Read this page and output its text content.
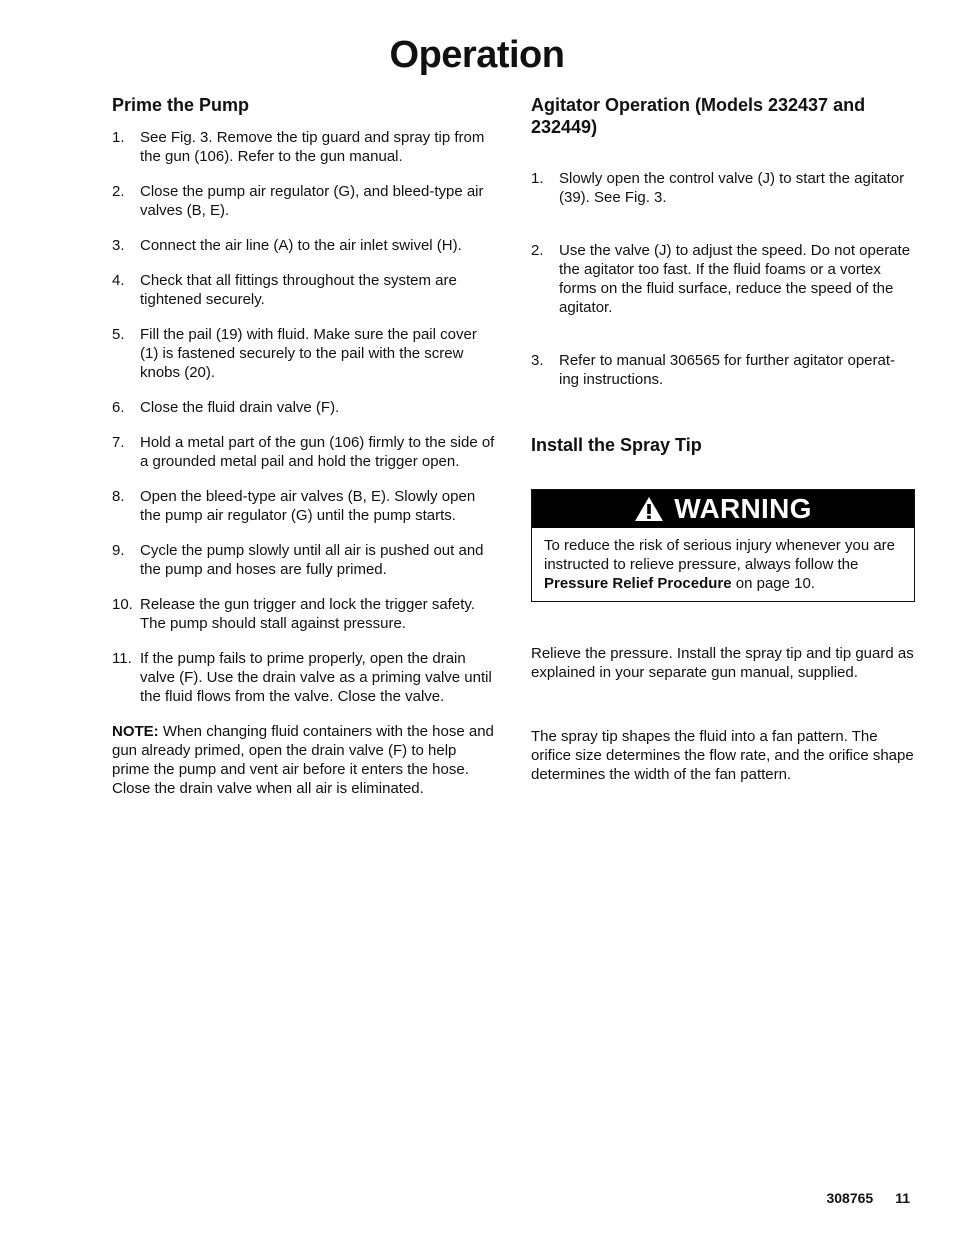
Operation
Prime the Pump
1. See Fig. 3. Remove the tip guard and spray tip from the gun (106). Refer to the gun manual.
2. Close the pump air regulator (G), and bleed-type air valves (B, E).
3. Connect the air line (A) to the air inlet swivel (H).
4. Check that all fittings throughout the system are tightened securely.
5. Fill the pail (19) with fluid. Make sure the pail cover (1) is fastened securely to the pail with the screw knobs (20).
6. Close the fluid drain valve (F).
7. Hold a metal part of the gun (106) firmly to the side of a grounded metal pail and hold the trigger open.
8. Open the bleed-type air valves (B, E). Slowly open the pump air regulator (G) until the pump starts.
9. Cycle the pump slowly until all air is pushed out and the pump and hoses are fully primed.
10. Release the gun trigger and lock the trigger safety. The pump should stall against pressure.
11. If the pump fails to prime properly, open the drain valve (F). Use the drain valve as a priming valve until the fluid flows from the valve. Close the valve.

NOTE: When changing fluid containers with the hose and gun already primed, open the drain valve (F) to help prime the pump and vent air before it enters the hose. Close the drain valve when all air is eliminated.

Agitator Operation (Models 232437 and 232449)
1. Slowly open the control valve (J) to start the agitator (39). See Fig. 3.
2. Use the valve (J) to adjust the speed. Do not operate the agitator too fast. If the fluid foams or a vortex forms on the fluid surface, reduce the speed of the agitator.
3. Refer to manual 306565 for further agitator operat-ing instructions.
Install the Spray Tip
WARNING
To reduce the risk of serious injury whenever you are instructed to relieve pressure, always follow the Pressure Relief Procedure on page 10.

Relieve the pressure. Install the spray tip and tip guard as explained in your separate gun manual, supplied.

The spray tip shapes the fluid into a fan pattern. The orifice size determines the flow rate, and the orifice shape determines the width of the fan pattern.

308765 11
